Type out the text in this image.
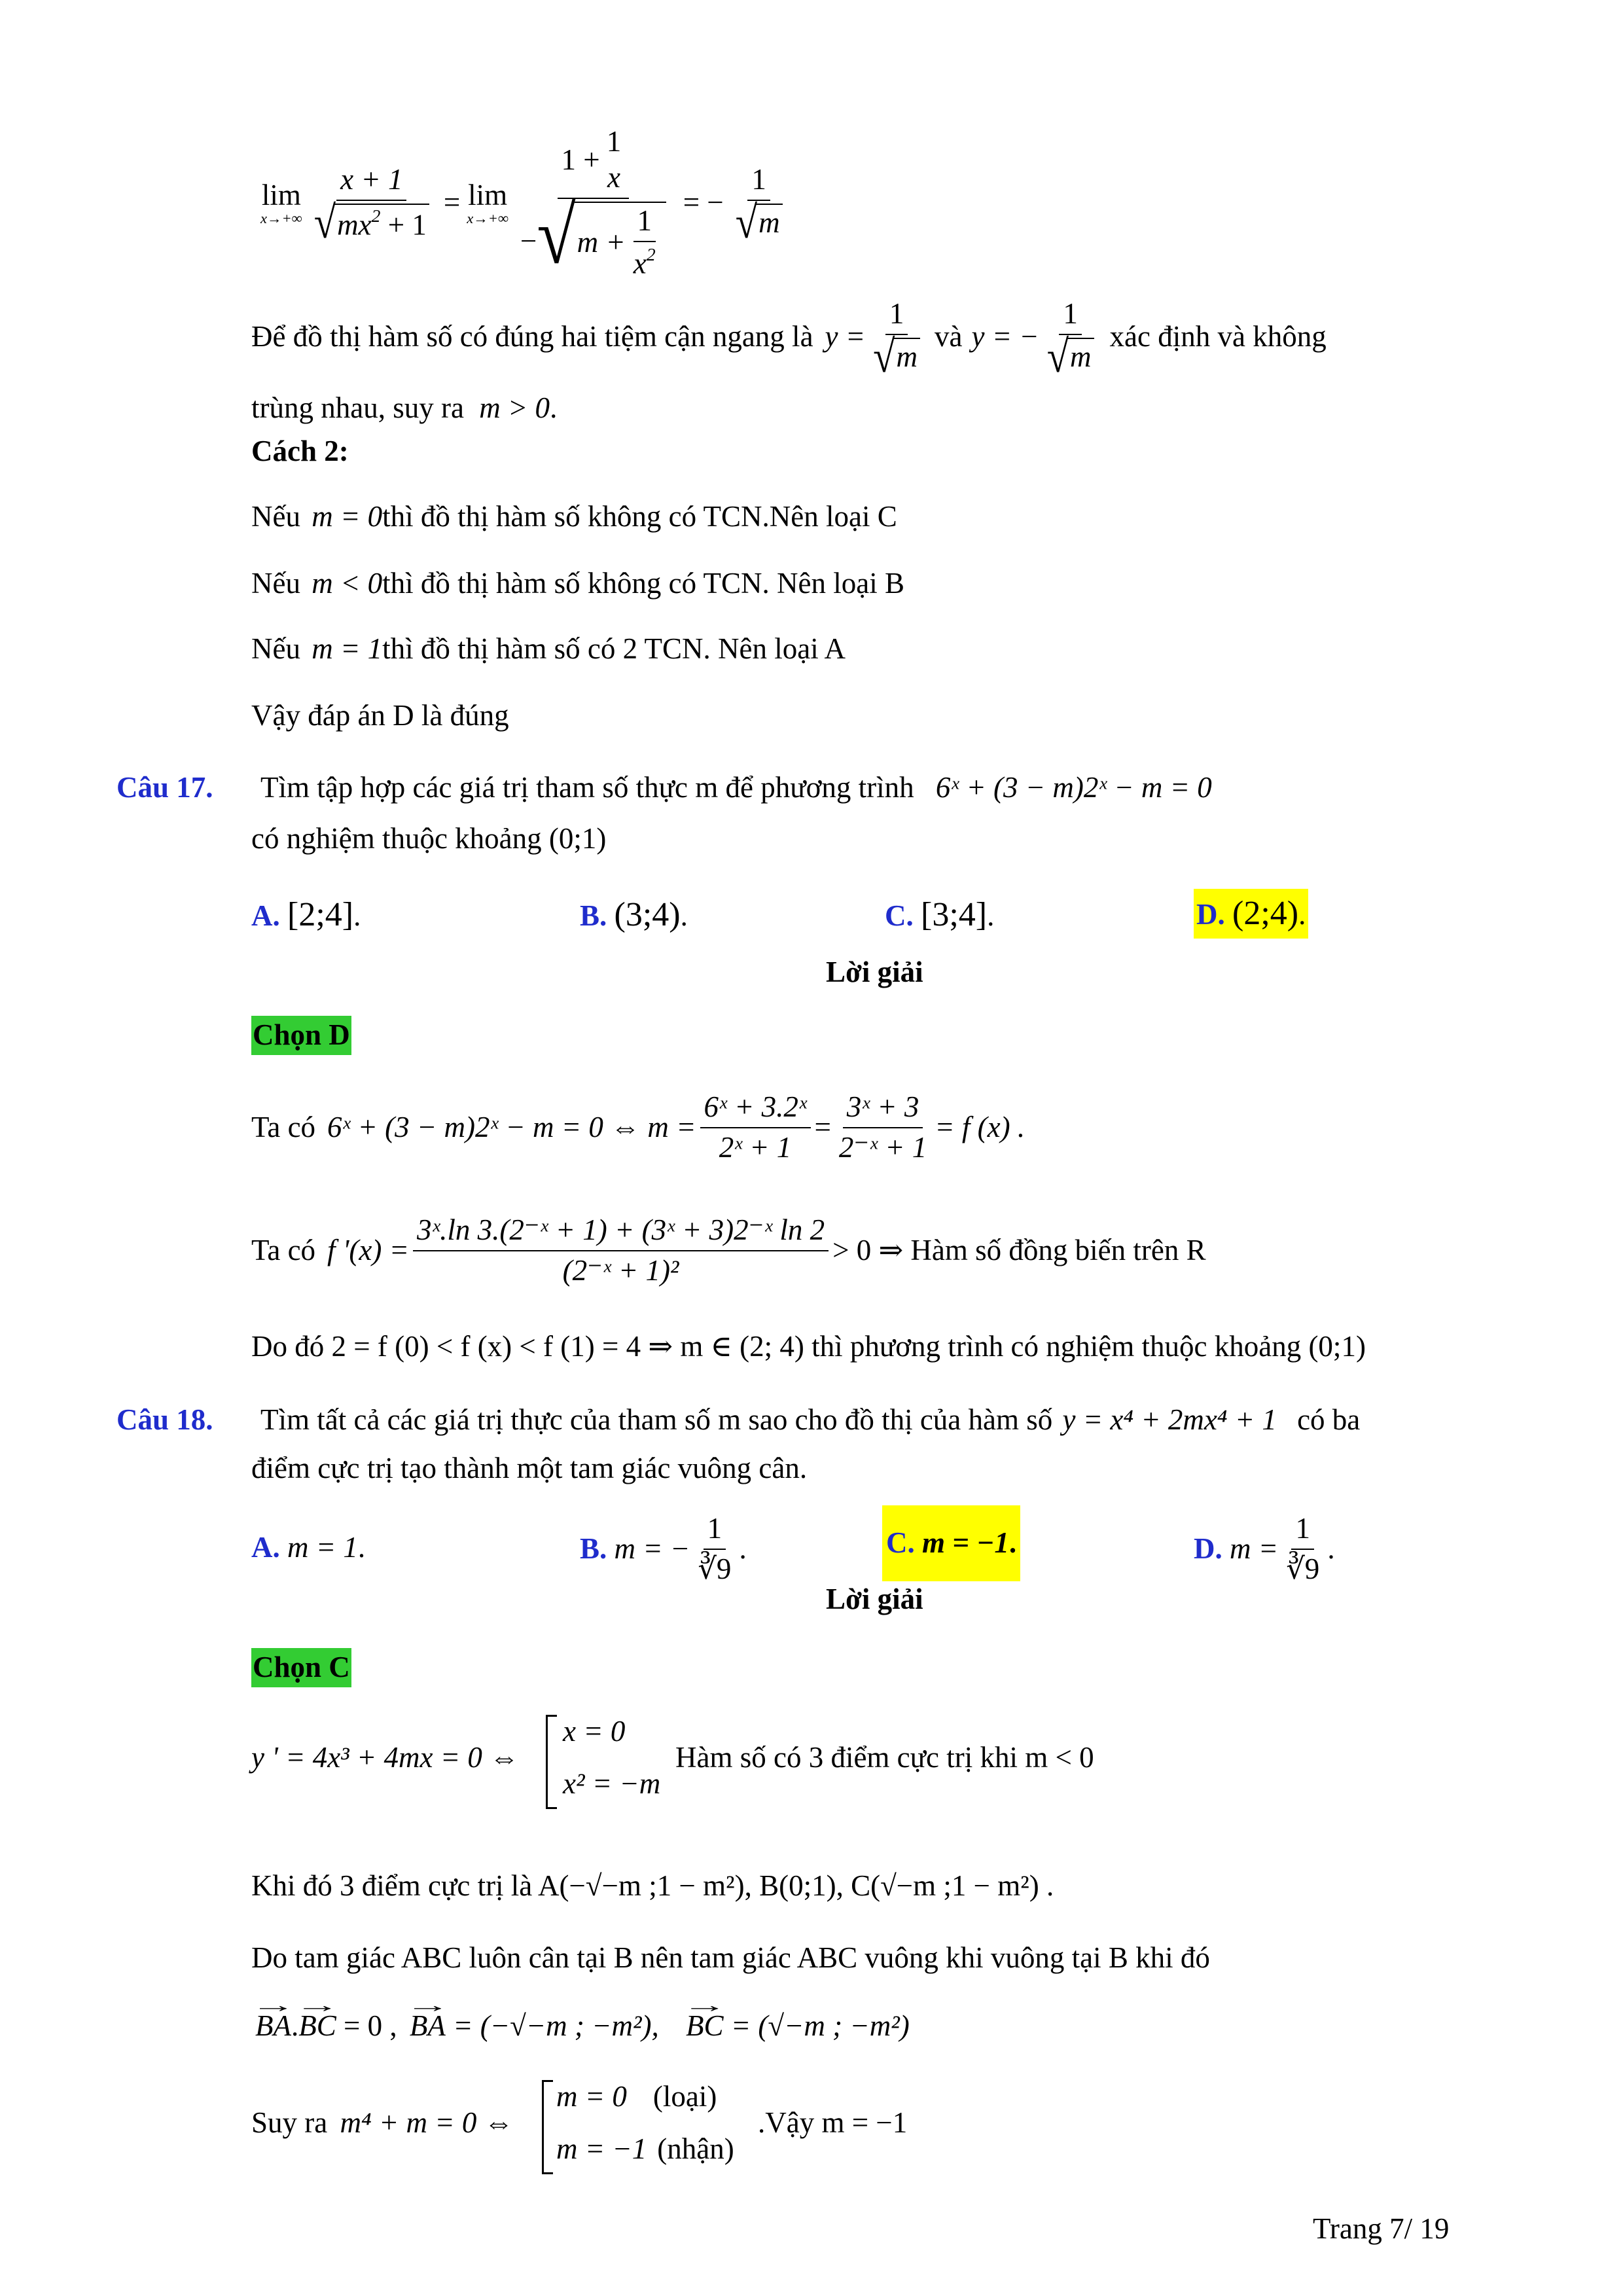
lim
$x\to+\infty \frac{x + 1}{√ mx^2 + 1} = \lim$
x→+∞ 1 +
1
x
− √ $m + \frac{1}{x^2}$ = − $\frac{1}{√ m}$
Để đồ thị hàm số có đúng hai tiệm cận ngang là $y = \frac{1}{√ m}$ và y = − $\frac{1}{√ m}$ xác định và không
trùng nhau, suy ra m > 0.
Cách 2:
Nếu m = 0thì đồ thị hàm số không có TCN.Nên loại C
Nếu m < 0thì đồ thị hàm số không có TCN. Nên loại B
Nếu m = 1thì đồ thị hàm số có 2 TCN. Nên loại A
Vậy đáp án D là đúng
Câu 17. Tìm tập hợp các giá trị tham số thực m để phương trình 6ˣ + (3 − m)2ˣ − m = 0
có nghiệm thuộc khoảng (0;1)
A. [2;4].	B. (3;4).	C. [3;4].	D. (2;4).
Lời giải
Chọn D
Ta có 6ˣ + (3 − m)2ˣ − m = 0 ⇔ $m = \frac{\text{6ˣ + 3.2ˣ}}{\text{2ˣ + 1}} = \frac{\text{3ˣ + 3}}{\text{2⁻ˣ + 1}} = f$ (x) .
Ta có f '$(x) = \frac{\text{3ˣ.ln 3.(2⁻ˣ + 1) + (3ˣ + 3)2⁻ˣ ln 2}}{\text{(2⁻ˣ + 1)²}} > 0$ ⇒ Hàm số đồng biến trên R
Do đó 2 = f (0) < f (x) < f (1) = 4 ⇒ m ∈ (2; 4) thì phương trình có nghiệm thuộc khoảng (0;1)
Câu 18. Tìm tất cả các giá trị thực của tham số m sao cho đồ thị của hàm số y = x⁴ + 2mx⁴ + 1 có ba
điểm cực trị tạo thành một tam giác vuông cân.
A.
m = 1 .	B.
m = − $\frac{1}{∛9}$ .	C.
m = −1 .	D.
$m = \frac{1}{∛9}$ .
Lời giải
Chọn C
y ' = 4x³ + 4mx = 0 ⇔
x = 0
x² = −m
Hàm số có 3 điểm cực trị khi m < 0
Khi đó 3 điểm cực trị là A(−√−m ;1 − m²), B(0;1), C(√−m ;1 − m²) .
Do tam giác ABC luôn cân tại B nên tam giác ABC vuông khi vuông tại B khi đó
→ BA.→ BC = 0 , → BA = (−√−m ; −m²), → BC = (√−m ; −m²)
Suy ra m⁴ + m = 0 ⇔
m = 0 (loại)
m = −1 (nhận)
.Vậy m = −1
Trang 7/ 19
